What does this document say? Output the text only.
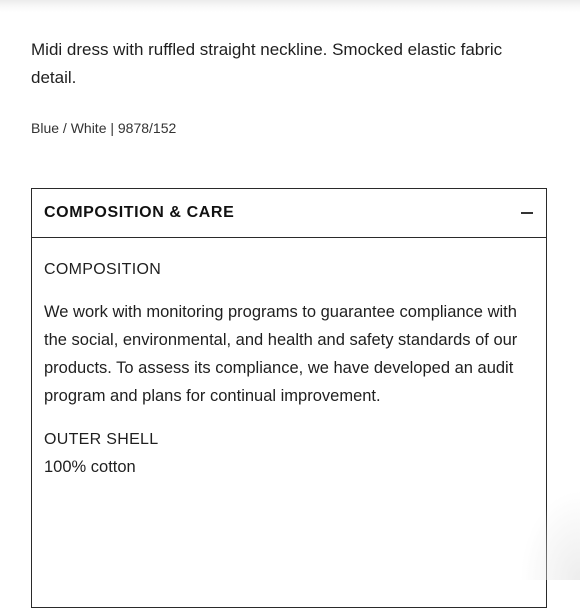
Midi dress with ruffled straight neckline. Smocked elastic fabric detail.

Blue / White | 9878/152

COMPOSITION & CARE

COMPOSITION

We work with monitoring programs to guarantee compliance with the social, environmental, and health and safety standards of our products. To assess its compliance, we have developed an audit program and plans for continual improvement.

OUTER SHELL

100% cotton
